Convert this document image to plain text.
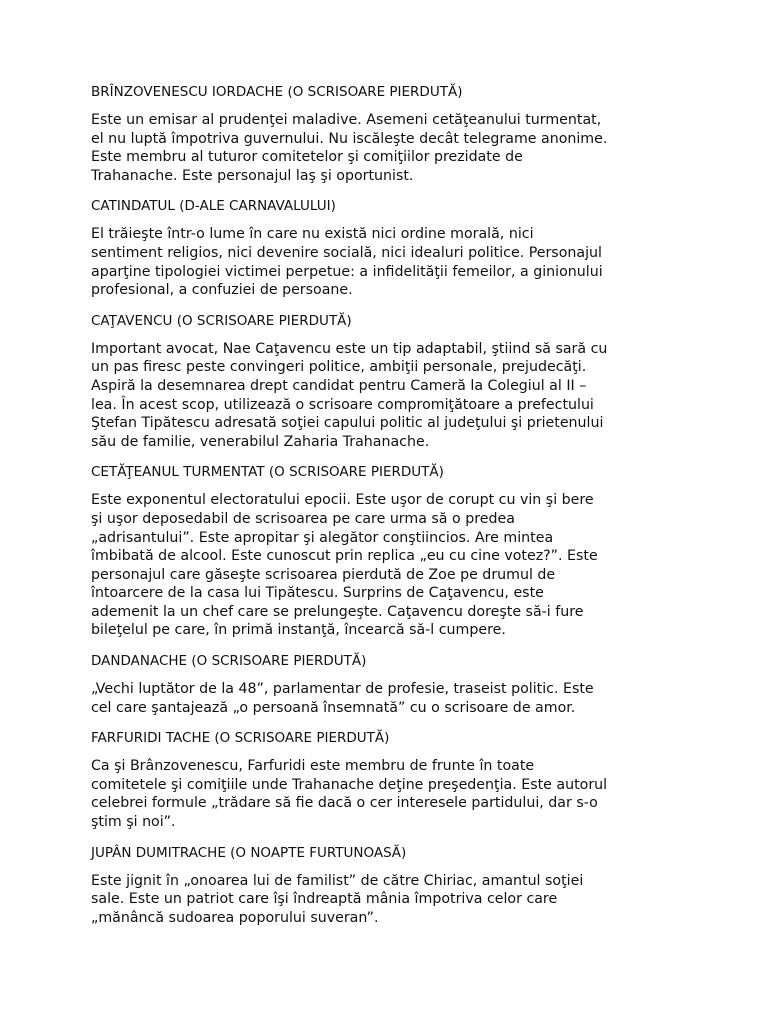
BRÎNZOVENESCU IORDACHE (O SCRISOARE PIERDUTĂ)

Este un emisar al prudenţei maladive. Asemeni cetăţeanului turmentat,
el nu luptă împotriva guvernului. Nu iscăleşte decât telegrame anonime.
Este membru al tuturor comitetelor şi comiţiilor prezidate de
Trahanache. Este personajul laş şi oportunist.

CATINDATUL (D-ALE CARNAVALULUI)

El trăieşte într-o lume în care nu există nici ordine morală, nici
sentiment religios, nici devenire socială, nici idealuri politice. Personajul
aparţine tipologiei victimei perpetue: a infidelităţii femeilor, a ginionului
profesional, a confuziei de persoane.

CAŢAVENCU (O SCRISOARE PIERDUTĂ)

Important avocat, Nae Caţavencu este un tip adaptabil, ştiind să sară cu
un pas firesc peste convingeri politice, ambiţii personale, prejudecăţi.
Aspiră la desemnarea drept candidat pentru Cameră la Colegiul al II –
lea. În acest scop, utilizează o scrisoare compromiţătoare a prefectului
Ştefan Tipătescu adresată soţiei capului politic al judeţului şi prietenului
său de familie, venerabilul Zaharia Trahanache.

CETĂŢEANUL TURMENTAT (O SCRISOARE PIERDUTĂ)

Este exponentul electoratului epocii. Este uşor de corupt cu vin şi bere
şi uşor deposedabil de scrisoarea pe care urma să o predea
„adrisantului”. Este apropitar şi alegător conştiincios. Are mintea
îmbibată de alcool. Este cunoscut prin replica „eu cu cine votez?”. Este
personajul care găseşte scrisoarea pierdută de Zoe pe drumul de
întoarcere de la casa lui Tipătescu. Surprins de Caţavencu, este
ademenit la un chef care se prelungeşte. Caţavencu doreşte să-i fure
bileţelul pe care, în primă instanţă, încearcă să-l cumpere.

DANDANACHE (O SCRISOARE PIERDUTĂ)

„Vechi luptător de la 48”, parlamentar de profesie, traseist politic. Este
cel care şantajează „o persoană însemnată” cu o scrisoare de amor.

FARFURIDI TACHE (O SCRISOARE PIERDUTĂ)

Ca şi Brânzovenescu, Farfuridi este membru de frunte în toate
comitetele şi comiţiile unde Trahanache deţine preşedenţia. Este autorul
celebrei formule „trădare să fie dacă o cer interesele partidului, dar s-o
ştim şi noi”.

JUPÂN DUMITRACHE (O NOAPTE FURTUNOASĂ)

Este jignit în „onoarea lui de familist” de către Chiriac, amantul soţiei
sale. Este un patriot care îşi îndreaptă mânia împotriva celor care
„mănâncă sudoarea poporului suveran”.
